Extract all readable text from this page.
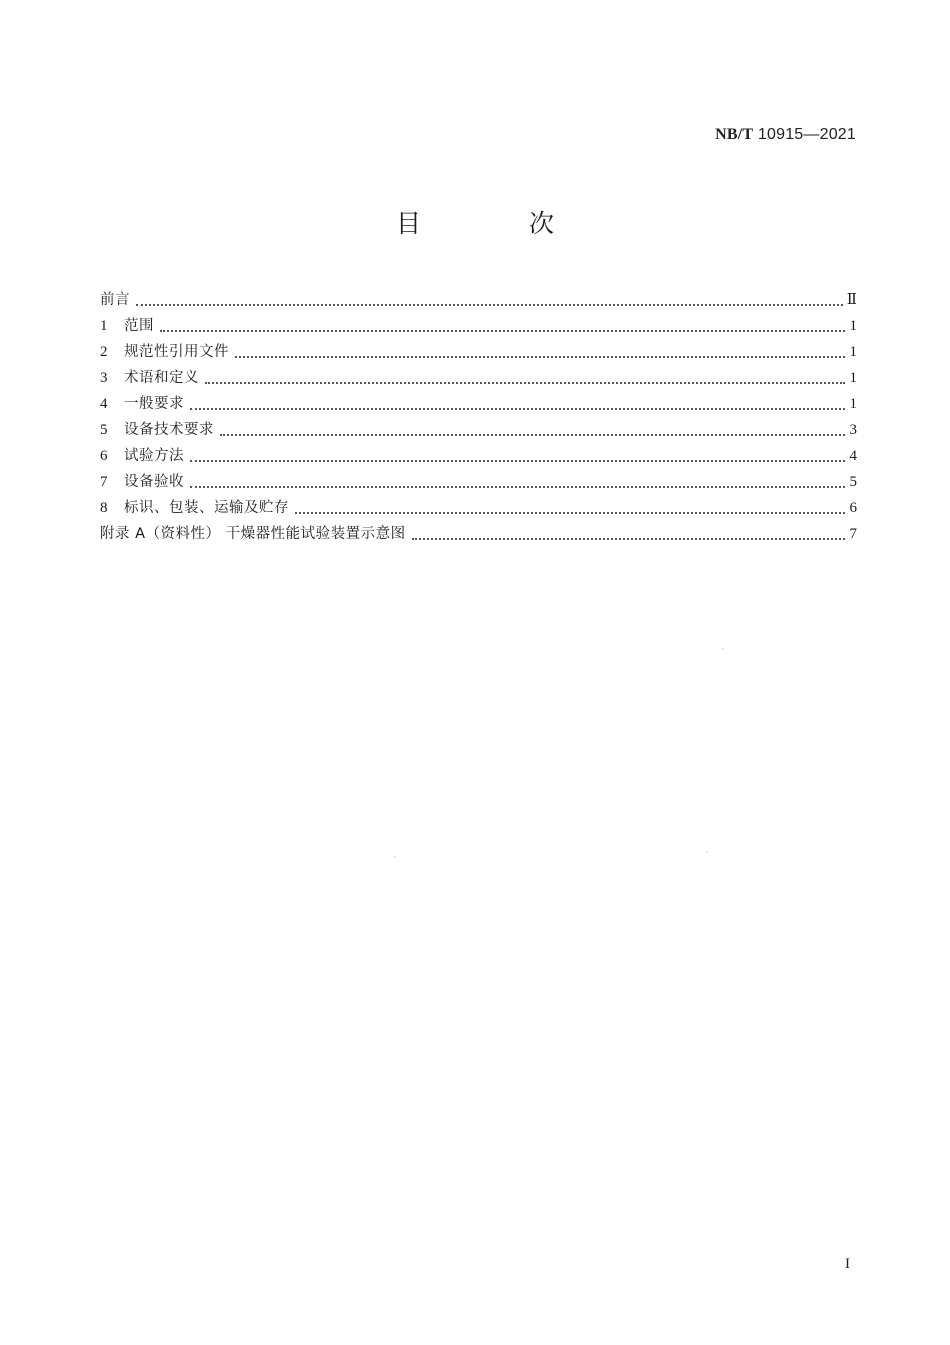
NB/T 10915—2021
目 次
前言	Ⅱ
1	范围	1
2	规范性引用文件	1
3	术语和定义	1
4	一般要求	1
5	设备技术要求	3
6	试验方法	4
7	设备验收	5
8	标识、包装、运输及贮存	6
附录 A（资料性） 干燥器性能试验装置示意图	7
I
